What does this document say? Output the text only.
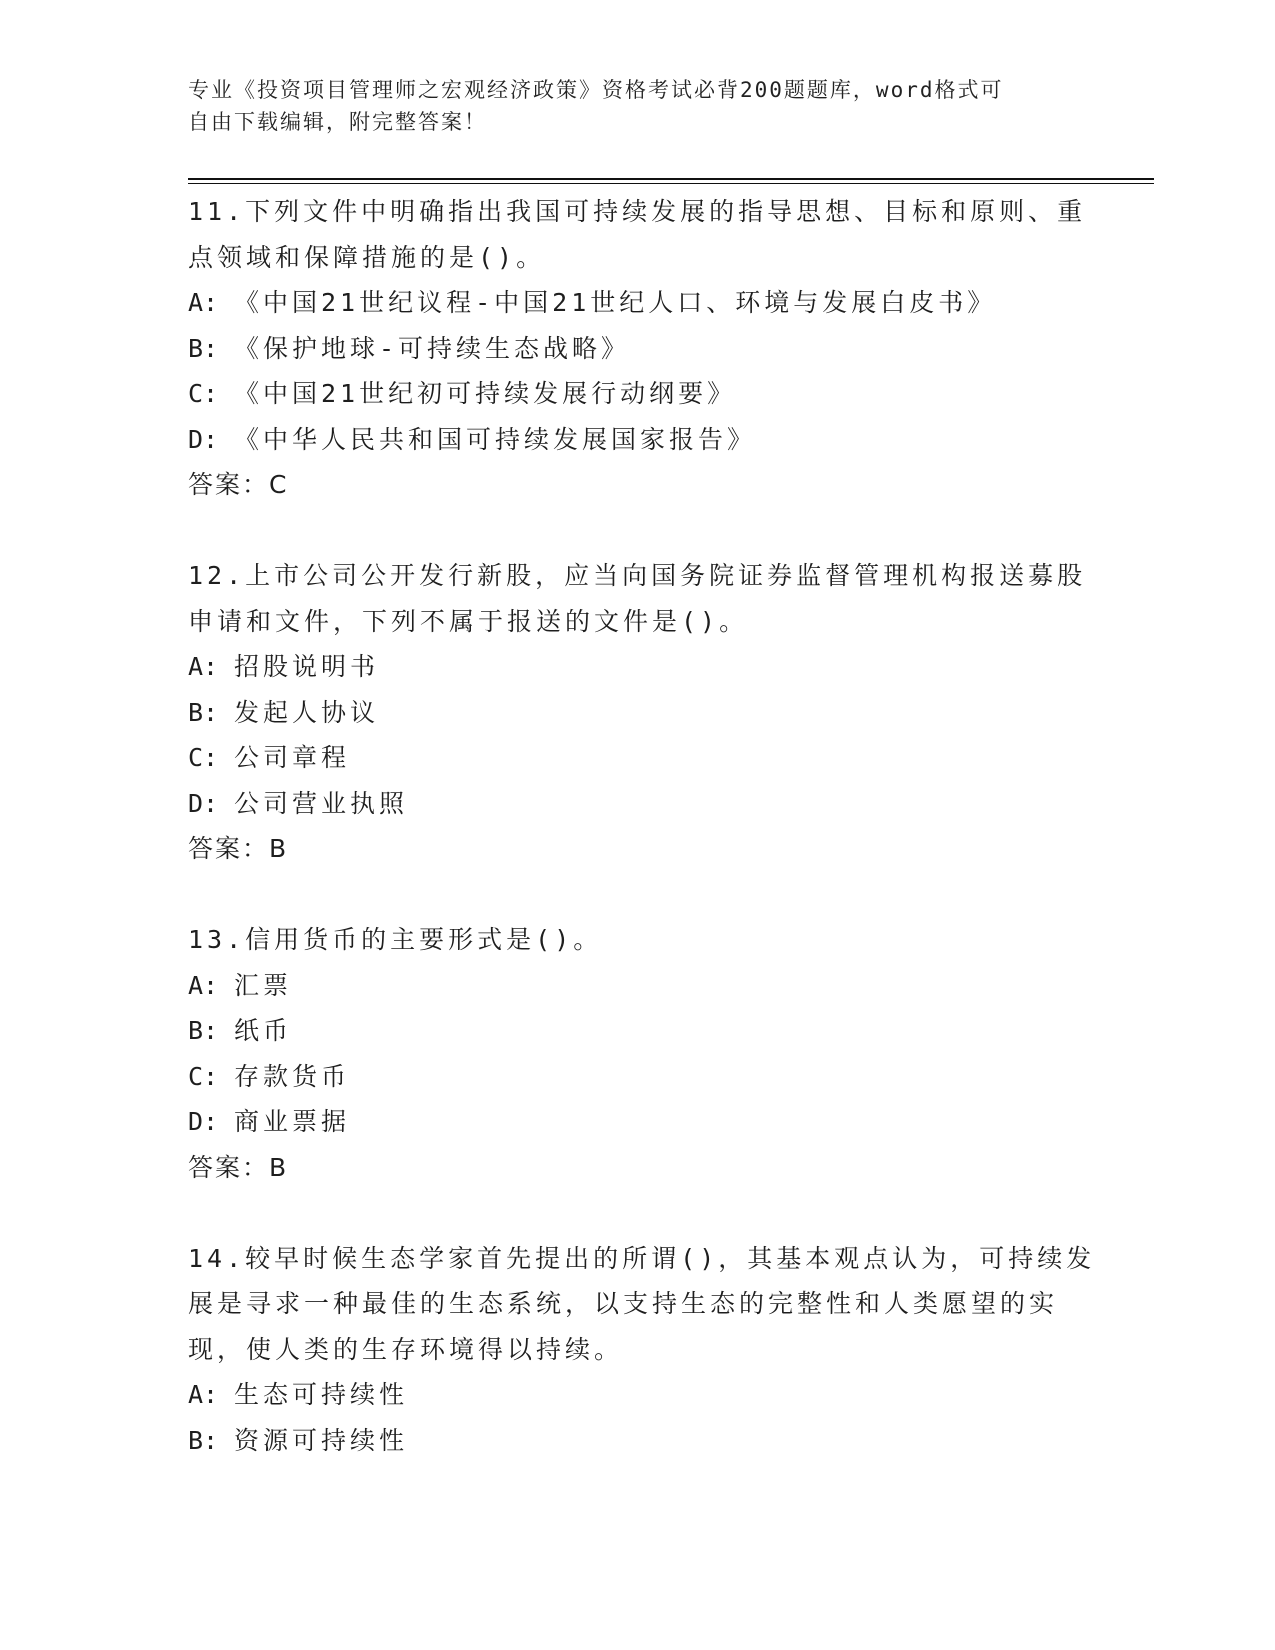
专业《投资项目管理师之宏观经济政策》资格考试必背200题题库，word格式可
自由下载编辑，附完整答案！
11.下列文件中明确指出我国可持续发展的指导思想、目标和原则、重
点领域和保障措施的是()。
A: 《中国21世纪议程-中国21世纪人口、环境与发展白皮书》
B: 《保护地球-可持续生态战略》
C: 《中国21世纪初可持续发展行动纲要》
D: 《中华人民共和国可持续发展国家报告》
答案：C
12.上市公司公开发行新股，应当向国务院证券监督管理机构报送募股
申请和文件，下列不属于报送的文件是()。
A: 招股说明书
B: 发起人协议
C: 公司章程
D: 公司营业执照
答案：B
13.信用货币的主要形式是()。
A: 汇票
B: 纸币
C: 存款货币
D: 商业票据
答案：B
14.较早时候生态学家首先提出的所谓()，其基本观点认为，可持续发
展是寻求一种最佳的生态系统，以支持生态的完整性和人类愿望的实
现，使人类的生存环境得以持续。
A: 生态可持续性
B: 资源可持续性
